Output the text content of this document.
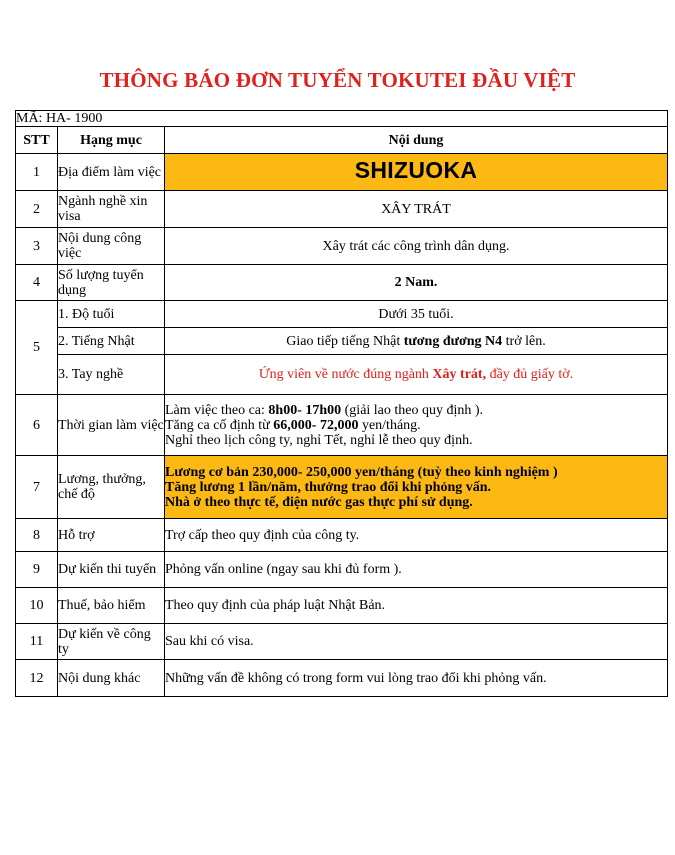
THÔNG BÁO ĐƠN TUYỂN TOKUTEI ĐẦU VIỆT
MÃ: HA- 1900		
STT	Hạng mục	Nội dung
1	Địa điểm làm việc	SHIZUOKA
2	Ngành nghề xin visa	XÂY TRÁT
3	Nội dung công việc	Xây trát các công trình dân dụng.
4	Số lượng tuyển dụng	2 Nam.
5	1. Độ tuổi	Dưới 35 tuổi.
	2. Tiếng Nhật	Giao tiếp tiếng Nhật tương đương N4 trở lên.
	3. Tay nghề	Ứng viên về nước đúng ngành Xây trát, đầy đủ giấy tờ.
6	Thời gian làm việc	Làm việc theo ca: 8h00- 17h00 (giải lao theo quy định ).
Tăng ca cố định từ 66,000- 72,000 yen/tháng.
Nghỉ theo lịch công ty, nghỉ Tết, nghỉ lễ theo quy định.

7	Lương, thưởng, chế độ	Lương cơ bản 230,000- 250,000 yen/tháng (tuỳ theo kinh nghiệm )
Tăng lương 1 lần/năm, thưởng trao đổi khi phỏng vấn.
Nhà ở theo thực tế, điện nước gas thực phí sử dụng.

8	Hỗ trợ	Trợ cấp theo quy định của công ty.
9	Dự kiến thi tuyển	Phỏng vấn online (ngay sau khi đủ form ).
10	Thuế, bảo hiểm	Theo quy định của pháp luật Nhật Bản.
11	Dự kiến về công ty	Sau khi có visa.
12	Nội dung khác	Những vấn đề không có trong form vui lòng trao đổi khi phỏng vấn.
